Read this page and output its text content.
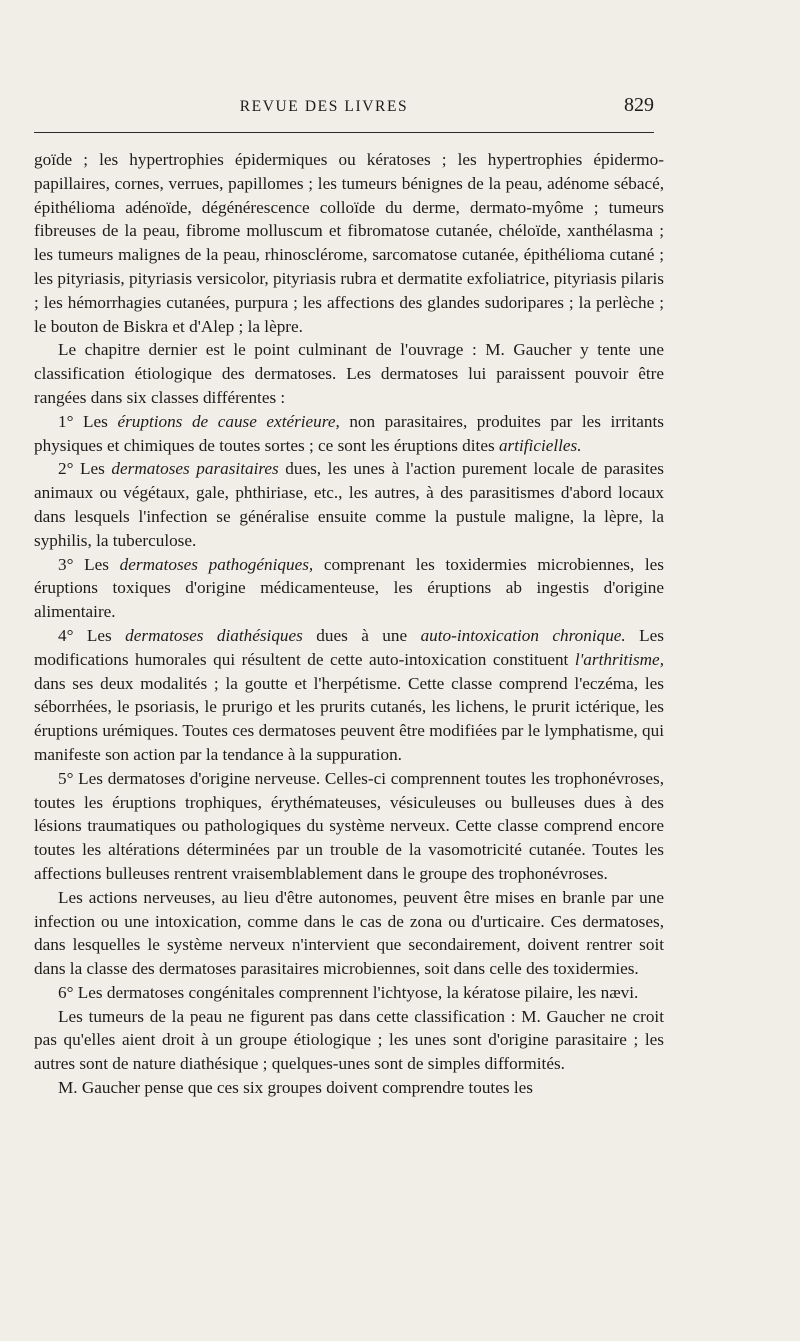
REVUE DES LIVRES	829

goïde ; les hypertrophies épidermiques ou kératoses ; les hypertrophies épidermo-papillaires, cornes, verrues, papillomes ; les tumeurs bénignes de la peau, adénome sébacé, épithélioma adénoïde, dégénérescence colloïde du derme, dermato-myôme ; tumeurs fibreuses de la peau, fibrome molluscum et fibromatose cutanée, chéloïde, xanthélasma ; les tumeurs malignes de la peau, rhinosclérome, sarcomatose cutanée, épithélioma cutané ; les pityriasis, pityriasis versicolor, pityriasis rubra et dermatite exfoliatrice, pityriasis pilaris ; les hémorrhagies cutanées, purpura ; les affections des glandes sudoripares ; la perlèche ; le bouton de Biskra et d'Alep ; la lèpre.

Le chapitre dernier est le point culminant de l'ouvrage : M. Gaucher y tente une classification étiologique des dermatoses. Les dermatoses lui paraissent pouvoir être rangées dans six classes différentes :

1° Les éruptions de cause extérieure, non parasitaires, produites par les irritants physiques et chimiques de toutes sortes ; ce sont les éruptions dites artificielles.

2° Les dermatoses parasitaires dues, les unes à l'action purement locale de parasites animaux ou végétaux, gale, phthiriase, etc., les autres, à des parasitismes d'abord locaux dans lesquels l'infection se généralise ensuite comme la pustule maligne, la lèpre, la syphilis, la tuberculose.

3° Les dermatoses pathogéniques, comprenant les toxidermies microbiennes, les éruptions toxiques d'origine médicamenteuse, les éruptions ab ingestis d'origine alimentaire.

4° Les dermatoses diathésiques dues à une auto-intoxication chronique. Les modifications humorales qui résultent de cette auto-intoxication constituent l'arthritisme, dans ses deux modalités ; la goutte et l'herpétisme. Cette classe comprend l'eczéma, les séborrhées, le psoriasis, le prurigo et les prurits cutanés, les lichens, le prurit ictérique, les éruptions urémiques. Toutes ces dermatoses peuvent être modifiées par le lymphatisme, qui manifeste son action par la tendance à la suppuration.

5° Les dermatoses d'origine nerveuse. Celles-ci comprennent toutes les trophonévroses, toutes les éruptions trophiques, érythémateuses, vésiculeuses ou bulleuses dues à des lésions traumatiques ou pathologiques du système nerveux. Cette classe comprend encore toutes les altérations déterminées par un trouble de la vasomotricité cutanée. Toutes les affections bulleuses rentrent vraisemblablement dans le groupe des trophonévroses.

Les actions nerveuses, au lieu d'être autonomes, peuvent être mises en branle par une infection ou une intoxication, comme dans le cas de zona ou d'urticaire. Ces dermatoses, dans lesquelles le système nerveux n'intervient que secondairement, doivent rentrer soit dans la classe des dermatoses parasitaires microbiennes, soit dans celle des toxidermies.

6° Les dermatoses congénitales comprennent l'ichtyose, la kératose pilaire, les nævi.

Les tumeurs de la peau ne figurent pas dans cette classification : M. Gaucher ne croit pas qu'elles aient droit à un groupe étiologique ; les unes sont d'origine parasitaire ; les autres sont de nature diathésique ; quelques-unes sont de simples difformités.

M. Gaucher pense que ces six groupes doivent comprendre toutes les
